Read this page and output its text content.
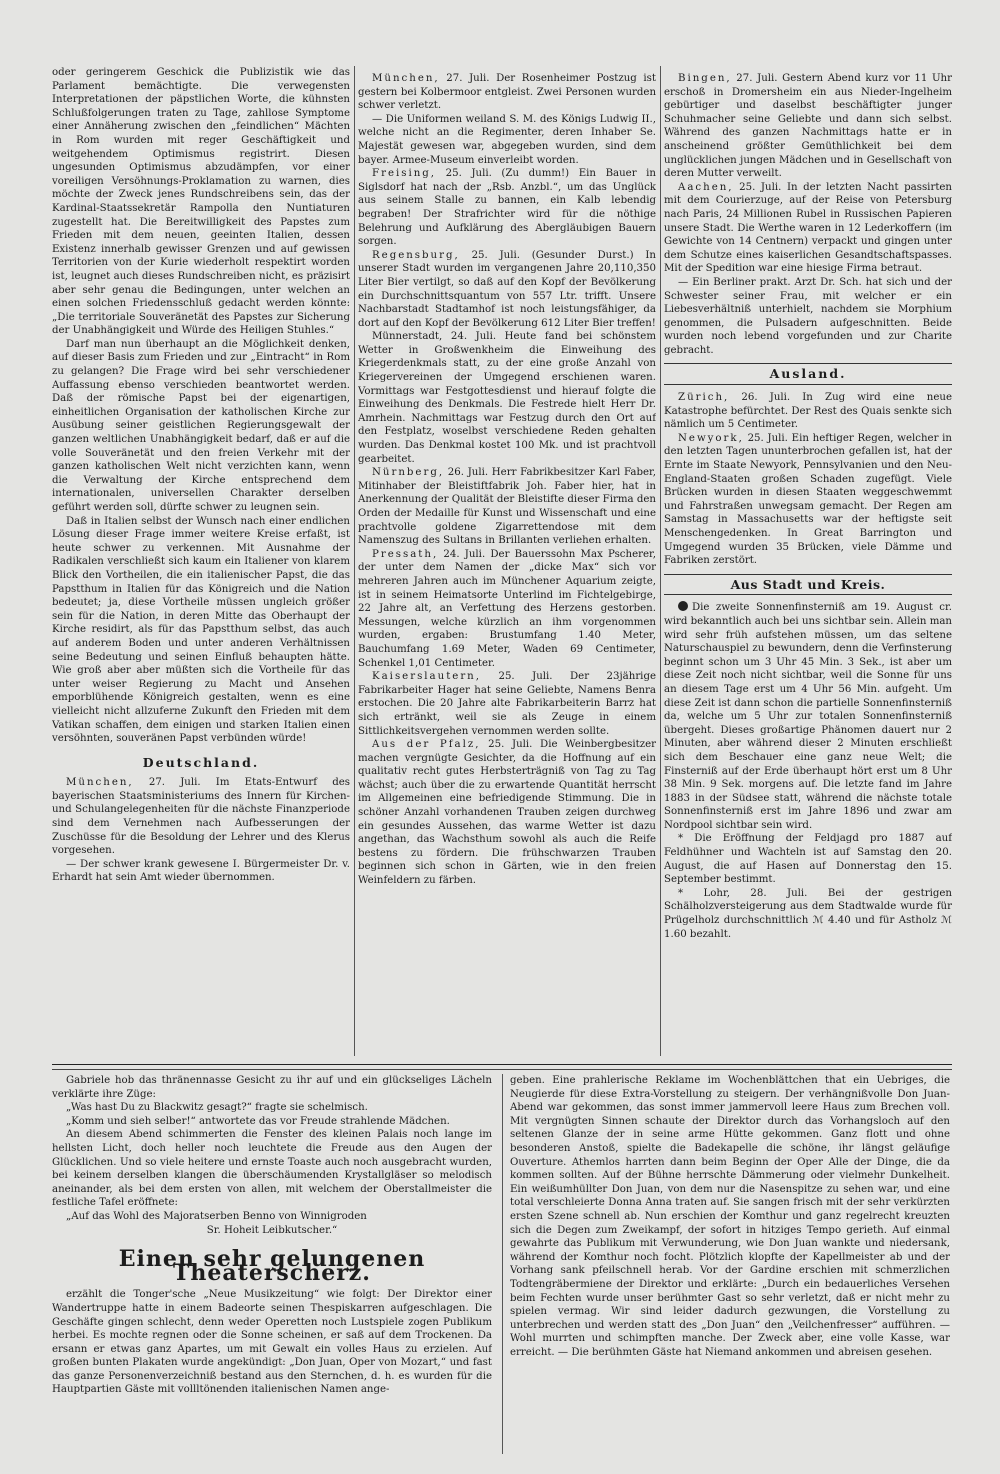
oder geringerem Geschick die Publizistik wie das Parlament bemächtigte. Die verwegensten Interpretationen der päpstlichen Worte, die kühnsten Schlußfolgerungen traten zu Tage, zahllose Symptome einer Annäherung zwischen den „feindlichen“ Mächten in Rom wurden mit reger Geschäftigkeit und weitgehendem Optimismus registrirt. Diesen ungesunden Optimismus abzudämpfen, vor einer voreiligen Versöhnungs-Proklamation zu warnen, dies möchte der Zweck jenes Rundschreibens sein, das der Kardinal-Staatssekretär Rampolla den Nuntiaturen zugestellt hat. Die Bereitwilligkeit des Papstes zum Frieden mit dem neuen, geeinten Italien, dessen Existenz innerhalb gewisser Grenzen und auf gewissen Territorien von der Kurie wiederholt respektirt worden ist, leugnet auch dieses Rundschreiben nicht, es präzisirt aber sehr genau die Bedingungen, unter welchen an einen solchen Friedensschluß gedacht werden könnte: „Die territoriale Souveränetät des Papstes zur Sicherung der Unabhängigkeit und Würde des Heiligen Stuhles.“

Darf man nun überhaupt an die Möglichkeit denken, auf dieser Basis zum Frieden und zur „Eintracht“ in Rom zu gelangen? Die Frage wird bei sehr verschiedener Auffassung ebenso verschieden beantwortet werden. Daß der römische Papst bei der eigenartigen, einheitlichen Organisation der katholischen Kirche zur Ausübung seiner geistlichen Regierungsgewalt der ganzen weltlichen Unabhängigkeit bedarf, daß er auf die volle Souveränetät und den freien Verkehr mit der ganzen katholischen Welt nicht verzichten kann, wenn die Verwaltung der Kirche entsprechend dem internationalen, universellen Charakter derselben geführt werden soll, dürfte schwer zu leugnen sein.

Daß in Italien selbst der Wunsch nach einer endlichen Lösung dieser Frage immer weitere Kreise erfaßt, ist heute schwer zu verkennen. Mit Ausnahme der Radikalen verschließt sich kaum ein Italiener von klarem Blick den Vortheilen, die ein italienischer Papst, die das Papstthum in Italien für das Königreich und die Nation bedeutet; ja, diese Vortheile müssen ungleich größer sein für die Nation, in deren Mitte das Oberhaupt der Kirche residirt, als für das Papstthum selbst, das auch auf anderem Boden und unter anderen Verhältnissen seine Bedeutung und seinen Einfluß behaupten hätte. Wie groß aber aber müßten sich die Vortheile für das unter weiser Regierung zu Macht und Ansehen emporblühende Königreich gestalten, wenn es eine vielleicht nicht allzuferne Zukunft den Frieden mit dem Vatikan schaffen, dem einigen und starken Italien einen versöhnten, souveränen Papst verbünden würde!

Deutschland.

München, 27. Juli. Im Etats-Entwurf des bayerischen Staatsministeriums des Innern für Kirchen- und Schulangelegenheiten für die nächste Finanzperiode sind dem Vernehmen nach Aufbesserungen der Zuschüsse für die Besoldung der Lehrer und des Klerus vorgesehen.

— Der schwer krank gewesene I. Bürgermeister Dr. v. Erhardt hat sein Amt wieder übernommen.

München, 27. Juli. Der Rosenheimer Postzug ist gestern bei Kolbermoor entgleist. Zwei Personen wurden schwer verletzt.

— Die Uniformen weiland S. M. des Königs Ludwig II., welche nicht an die Regimenter, deren Inhaber Se. Majestät gewesen war, abgegeben wurden, sind dem bayer. Armee-Museum einverleibt worden.

Freising, 25. Juli. (Zu dumm!) Ein Bauer in Siglsdorf hat nach der „Rsb. Anzbl.“, um das Unglück aus seinem Stalle zu bannen, ein Kalb lebendig begraben! Der Strafrichter wird für die nöthige Belehrung und Aufklärung des Abergläubigen Bauern sorgen.

Regensburg, 25. Juli. (Gesunder Durst.) In unserer Stadt wurden im vergangenen Jahre 20,110,350 Liter Bier vertilgt, so daß auf den Kopf der Bevölkerung ein Durchschnittsquantum von 557 Ltr. trifft. Unsere Nachbarstadt Stadtamhof ist noch leistungsfähiger, da dort auf den Kopf der Bevölkerung 612 Liter Bier treffen!

Münnerstadt, 24. Juli. Heute fand bei schönstem Wetter in Großwenkheim die Einweihung des Kriegerdenkmals statt, zu der eine große Anzahl von Kriegervereinen der Umgegend erschienen waren. Vormittags war Festgottesdienst und hierauf folgte die Einweihung des Denkmals. Die Festrede hielt Herr Dr. Amrhein. Nachmittags war Festzug durch den Ort auf den Festplatz, woselbst verschiedene Reden gehalten wurden. Das Denkmal kostet 100 Mk. und ist prachtvoll gearbeitet.

Nürnberg, 26. Juli. Herr Fabrikbesitzer Karl Faber, Mitinhaber der Bleistiftfabrik Joh. Faber hier, hat in Anerkennung der Qualität der Bleistifte dieser Firma den Orden der Medaille für Kunst und Wissenschaft und eine prachtvolle goldene Zigarrettendose mit dem Namenszug des Sultans in Brillanten verliehen erhalten.

Pressath, 24. Juli. Der Bauerssohn Max Pscherer, der unter dem Namen der „dicke Max“ sich vor mehreren Jahren auch im Münchener Aquarium zeigte, ist in seinem Heimatsorte Unterlind im Fichtelgebirge, 22 Jahre alt, an Verfettung des Herzens gestorben. Messungen, welche kürzlich an ihm vorgenommen wurden, ergaben: Brustumfang 1.40 Meter, Bauchumfang 1.69 Meter, Waden 69 Centimeter, Schenkel 1,01 Centimeter.

Kaiserslautern, 25. Juli. Der 23jährige Fabrikarbeiter Hager hat seine Geliebte, Namens Benra erstochen. Die 20 Jahre alte Fabrikarbeiterin Barrz hat sich ertränkt, weil sie als Zeuge in einem Sittlichkeitsvergehen vernommen werden sollte.

Aus der Pfalz, 25. Juli. Die Weinbergbesitzer machen vergnügte Gesichter, da die Hoffnung auf ein qualitativ recht gutes Herbsterträgniß von Tag zu Tag wächst; auch über die zu erwartende Quantität herrscht im Allgemeinen eine befriedigende Stimmung. Die in schöner Anzahl vorhandenen Trauben zeigen durchweg ein gesundes Aussehen, das warme Wetter ist dazu angethan, das Wachsthum sowohl als auch die Reife bestens zu fördern. Die frühschwarzen Trauben beginnen sich schon in Gärten, wie in den freien Weinfeldern zu färben.

Bingen, 27. Juli. Gestern Abend kurz vor 11 Uhr erschoß in Dromersheim ein aus Nieder-Ingelheim gebürtiger und daselbst beschäftigter junger Schuhmacher seine Geliebte und dann sich selbst. Während des ganzen Nachmittags hatte er in anscheinend größter Gemüthlichkeit bei dem unglücklichen jungen Mädchen und in Gesellschaft von deren Mutter verweilt.

Aachen, 25. Juli. In der letzten Nacht passirten mit dem Courierzuge, auf der Reise von Petersburg nach Paris, 24 Millionen Rubel in Russischen Papieren unsere Stadt. Die Werthe waren in 12 Lederkoffern (im Gewichte von 14 Centnern) verpackt und gingen unter dem Schutze eines kaiserlichen Gesandtschaftspasses. Mit der Spedition war eine hiesige Firma betraut.

— Ein Berliner prakt. Arzt Dr. Sch. hat sich und der Schwester seiner Frau, mit welcher er ein Liebesverhältniß unterhielt, nachdem sie Morphium genommen, die Pulsadern aufgeschnitten. Beide wurden noch lebend vorgefunden und zur Charite gebracht.

Ausland.

Zürich, 26. Juli. In Zug wird eine neue Katastrophe befürchtet. Der Rest des Quais senkte sich nämlich um 5 Centimeter.

Newyork, 25. Juli. Ein heftiger Regen, welcher in den letzten Tagen ununterbrochen gefallen ist, hat der Ernte im Staate Newyork, Pennsylvanien und den Neu-England-Staaten großen Schaden zugefügt. Viele Brücken wurden in diesen Staaten weggeschwemmt und Fahrstraßen unwegsam gemacht. Der Regen am Samstag in Massachusetts war der heftigste seit Menschengedenken. In Great Barrington und Umgegend wurden 35 Brücken, viele Dämme und Fabriken zerstört.

Aus Stadt und Kreis.

Die zweite Sonnenfinsterniß am 19. August cr. wird bekanntlich auch bei uns sichtbar sein. Allein man wird sehr früh aufstehen müssen, um das seltene Naturschauspiel zu bewundern, denn die Verfinsterung beginnt schon um 3 Uhr 45 Min. 3 Sek., ist aber um diese Zeit noch nicht sichtbar, weil die Sonne für uns an diesem Tage erst um 4 Uhr 56 Min. aufgeht. Um diese Zeit ist dann schon die partielle Sonnenfinsterniß da, welche um 5 Uhr zur totalen Sonnenfinsterniß übergeht. Dieses großartige Phänomen dauert nur 2 Minuten, aber während dieser 2 Minuten erschließt sich dem Beschauer eine ganz neue Welt; die Finsterniß auf der Erde überhaupt hört erst um 8 Uhr 38 Min. 9 Sek. morgens auf. Die letzte fand im Jahre 1883 in der Südsee statt, während die nächste totale Sonnenfinsterniß erst im Jahre 1896 und zwar am Nordpool sichtbar sein wird.

* Die Eröffnung der Feldjagd pro 1887 auf Feldhühner und Wachteln ist auf Samstag den 20. August, die auf Hasen auf Donnerstag den 15. September bestimmt.

* Lohr, 28. Juli. Bei der gestrigen Schälholzversteigerung aus dem Stadtwalde wurde für Prügelholz durchschnittlich ℳ 4.40 und für Astholz ℳ 1.60 bezahlt.

Gabriele hob das thränennasse Gesicht zu ihr auf und ein glückseliges Lächeln verklärte ihre Züge:

„Was hast Du zu Blackwitz gesagt?“ fragte sie schelmisch.

„Komm und sieh selber!“ antwortete das vor Freude strahlende Mädchen.

An diesem Abend schimmerten die Fenster des kleinen Palais noch lange im hellsten Licht, doch heller noch leuchtete die Freude aus den Augen der Glücklichen. Und so viele heitere und ernste Toaste auch noch ausgebracht wurden, bei keinem derselben klangen die überschäumenden Krystallgläser so melodisch aneinander, als bei dem ersten von allen, mit welchem der Oberstallmeister die festliche Tafel eröffnete:

„Auf das Wohl des Majoratserben Benno von Winnigroden

Sr. Hoheit Leibkutscher.“

Einen sehr gelungenen Theaterscherz.

erzählt die Tonger'sche „Neue Musikzeitung“ wie folgt: Der Direktor einer Wandertruppe hatte in einem Badeorte seinen Thespiskarren aufgeschlagen. Die Geschäfte gingen schlecht, denn weder Operetten noch Lustspiele zogen Publikum herbei. Es mochte regnen oder die Sonne scheinen, er saß auf dem Trockenen. Da ersann er etwas ganz Apartes, um mit Gewalt ein volles Haus zu erzielen. Auf großen bunten Plakaten wurde angekündigt: „Don Juan, Oper von Mozart,“ und fast das ganze Personenverzeichniß bestand aus den Sternchen, d. h. es wurden für die Hauptpartien Gäste mit vollltönenden italienischen Namen ange-

geben. Eine prahlerische Reklame im Wochenblättchen that ein Uebriges, die Neugierde für diese Extra-Vorstellung zu steigern. Der verhängnißvolle Don Juan-Abend war gekommen, das sonst immer jammervoll leere Haus zum Brechen voll. Mit vergnügten Sinnen schaute der Direktor durch das Vorhangsloch auf den seltenen Glanze der in seine arme Hütte gekommen. Ganz flott und ohne besonderen Anstoß, spielte die Badekapelle die schöne, ihr längst geläufige Ouverture. Athemlos harrten dann beim Beginn der Oper Alle der Dinge, die da kommen sollten. Auf der Bühne herrschte Dämmerung oder vielmehr Dunkelheit. Ein weißumhüllter Don Juan, von dem nur die Nasenspitze zu sehen war, und eine total verschleierte Donna Anna traten auf. Sie sangen frisch mit der sehr verkürzten ersten Szene schnell ab. Nun erschien der Komthur und ganz regelrecht kreuzten sich die Degen zum Zweikampf, der sofort in hitziges Tempo gerieth. Auf einmal gewahrte das Publikum mit Verwunderung, wie Don Juan wankte und niedersank, während der Komthur noch focht. Plötzlich klopfte der Kapellmeister ab und der Vorhang sank pfeilschnell herab. Vor der Gardine erschien mit schmerzlichen Todtengräbermiene der Direktor und erklärte: „Durch ein bedauerliches Versehen beim Fechten wurde unser berühmter Gast so sehr verletzt, daß er nicht mehr zu spielen vermag. Wir sind leider dadurch gezwungen, die Vorstellung zu unterbrechen und werden statt des „Don Juan“ den „Veilchenfresser“ aufführen. — Wohl murrten und schimpften manche. Der Zweck aber, eine volle Kasse, war erreicht. — Die berühmten Gäste hat Niemand ankommen und abreisen gesehen.
